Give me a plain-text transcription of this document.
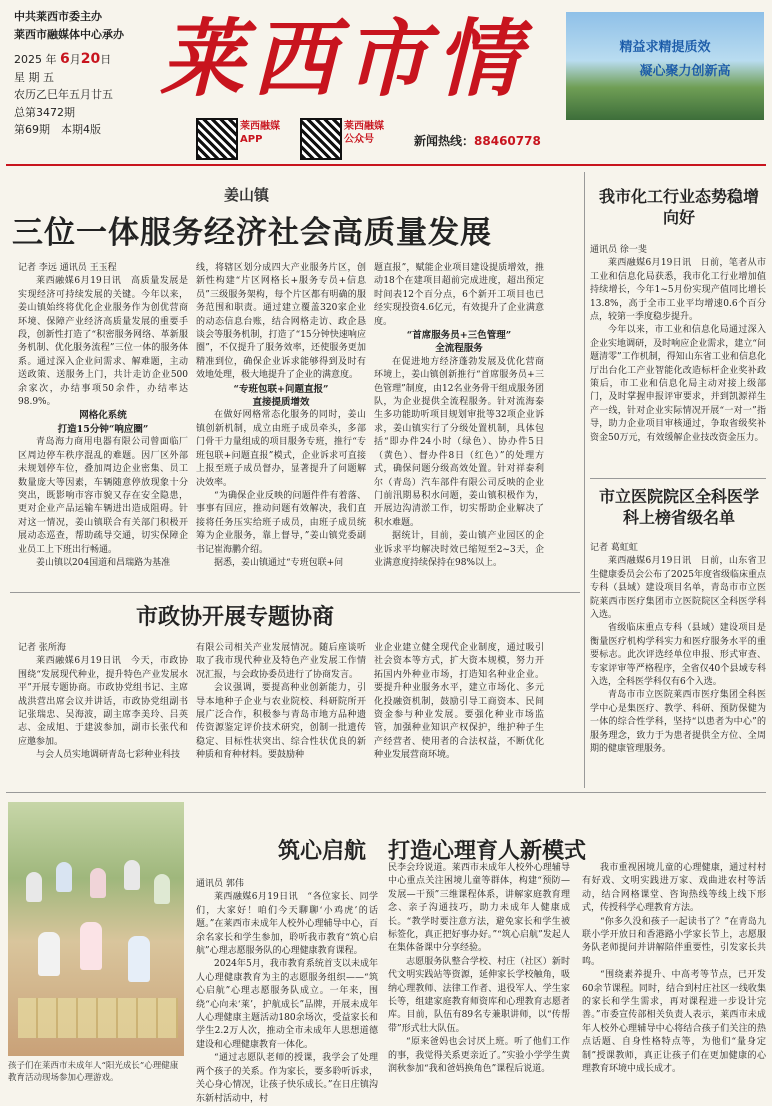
中共莱西市委主办
莱西市融媒体中心承办
2025 年 6月20日
星 期 五
农历乙巳年五月廿五
总第3472期
第69期　本期4版
莱西市情
莱西融媒 APP
莱西融媒 公众号	新闻热线：88460778
精益求精提质效
凝心聚力创新高
姜山镇
三位一体服务经济社会高质量发展

记者 李远 通讯员 王玉程

莱西融媒6月19日讯　高质量发展是实现经济可持续发展的关键。今年以来，姜山镇始终将优化企业服务作为创优营商环境、保障产业经济高质量发展的重要手段，创新性打造了“积密服务网络、革新服务机制、优化服务流程”三位一体的服务体系。通过深入企业问需求、解难题，主动送政策、送服务上门，共计走访企业500余家次，办结事项50余件，办结率达98.9%。

网格化系统

打造15分钟“响应圈”

青岛海力商用电器有限公司曾面临厂区周边停车秩序混乱的难题。因厂区外部未规划停车位，叠加周边企业密集、员工数量庞大等因素，车辆随意停放现象十分突出，既影响市容市貌又存在安全隐患，更对企业产品运输车辆进出造成阻碍。针对这一情况，姜山镇联合有关部门积极开展动态巡查，帮助疏导交通，切实保障企业员工上下班出行畅通。

姜山镇以204国道和昌瑞路为基准

线，将辖区划分成四大产业服务片区，创新性构建“片区网格长+服务专员+信息员”三级服务架构，每个片区都有明确的服务范围和职责。通过建立覆盖320家企业的动态信息台账，结合网格走访、政企恳谈会等服务机制，打造了“15分钟快速响应圈”，不仅提升了服务效率，还使服务更加精准到位，确保企业诉求能够得到及时有效地处理，极大地提升了企业的满意度。

“专班包联+问题直报”

直接提质增效

在做好网格常态化服务的同时，姜山镇创新机制，成立由班子成员牵头，多部门骨干力量组成的项目服务专班，推行“专班包联+问题直报”模式，企业诉求可直接上报至班子成员督办，显著提升了问题解决效率。

“为确保企业反映的问题件件有着落、事事有回应，推动问题有效解决，我们直接将任务压实给班子成员，由班子成员统筹为企业服务，靠上督导，”姜山镇党委副书记崔海鹏介绍。

据悉，姜山镇通过“专班包联+问

题直报”，赋能企业项目建设提质增效，推动18个在建项目超前完成进度，超出预定时间表12个百分点，6个新开工项目也已经实现投资4.6亿元，有效提升了企业满意度。

“首席服务员+三色管理”

全流程服务

在促进地方经济蓬勃发展及优化营商环境上，姜山镇创新推行“首席服务员+三色管理”制度，由12名业务骨干组成服务团队，为企业提供全流程服务。针对流海泰生多功能助听项目规划审批等32项企业诉求，姜山镇实行了分级处置机制，具体包括“即办件24小时（绿色）、协办件5日（黄色）、督办件8日（红色）”的处理方式，确保问题分级高效处置。针对祥泰利尔（青岛）汽车部件有限公司反映的企业门前汛期易积水问题，姜山镇积极作为，开展边沟清淤工作，切实帮助企业解决了积水难题。

据统计，目前，姜山镇产业园区的企业诉求平均解决时效已缩短至2~3天，企业满意度持续保持在98%以上。

我市化工行业态势稳增向好

通讯员 徐一斐

莱西融媒6月19日讯　日前，笔者从市工业和信息化局获悉，我市化工行业增加值持续增长，今年1~5月份实现产值同比增长13.8%，高于全市工业平均增速0.6个百分点，较第一季度稳步提升。

今年以来，市工业和信息化局通过深入企业实地调研，及时响应企业需求，建立“问题清零”工作机制，得知山东省工业和信息化厅出台化工产业智能化改造标杆企业奖补政策后，市工业和信息化局主动对接上级部门，及时掌握申报评审要求，并到凯源祥生产一线，针对企业实际情况开展“一对一”指导，助力企业项目审核通过，争取省级奖补资金50万元，有效缓解企业技改资金压力。

市立医院院区全科医学科上榜省级名单

记者 葛虹虹

莱西融媒6月19日讯　日前，山东省卫生健康委员会公布了2025年度省级临床重点专科（县域）建设项目名单，青岛市市立医院莱西市医疗集团市立医院院区全科医学科入选。

省级临床重点专科（县域）建设项目是衡量医疗机构学科实力和医疗服务水平的重要标志。此次评选经单位申报、形式审查、专家评审等严格程序，全省仅40个县域专科入选，全科医学科仅有6个入选。

青岛市市立医院莱西市医疗集团全科医学中心是集医疗、教学、科研、预防保健为一体的综合性学科，坚持“以患者为中心”的服务理念，致力于为患者提供全方位、全周期的健康管理服务。

市政协开展专题协商

记者 张所海

莱西融媒6月19日讯　今天，市政协围绕“发展现代种业，提升特色产业发展水平”开展专题协商。市政协党组书记、主席战洪营出席会议并讲话，市政协党组副书记张瑞忠、吴海波，副主席李美玲、吕英志、金成旭、于建波参加，副市长张代和应邀参加。

与会人员实地调研青岛七彩种业科技

有限公司相关产业发展情况。随后座谈听取了我市现代种业及特色产业发展工作情况汇报，与会政协委员进行了协商发言。

会议强调，要提高种业创新能力，引导本地种子企业与农业院校、科研院所开展广泛合作，积极参与青岛市地方品种遗传资源鉴定评价技术研究，创制一批遗传稳定、目标性状突出、综合性状优良的新种质和育种材料。要鼓励种

业企业建立健全现代企业制度，通过吸引社会资本等方式，扩大资本规模，努力开拓国内外种业市场，打造知名种业企业。要提升种业服务水平，建立市场化、多元化投融资机制，鼓励引导工商资本、民间资金参与种业发展。要强化种业市场监管，加强种业知识产权保护，维护种子生产经营者、使用者的合法权益，不断优化种业发展营商环境。

孩子们在莱西市未成年人“阳光成长”心理健康教育活动现场参加心理游戏。
筑心启航　打造心理育人新模式

通讯员 郭伟

莱西融媒6月19日讯　“各位家长、同学们，大家好！咱们今天聊聊‘小鸡虎’的话题。”在莱西市未成年人校外心理辅导中心，百余名家长和学生参加，聆听我市教育“筑心启航”心理志愿服务队的心理健康教育课程。

2024年5月，我市教育系统首支以未成年人心理健康教育为主的志愿服务组织——“筑心启航”心理志愿服务队成立。一年来，围绕“心向未‘莱’，护航成长”品牌，开展未成年人心理健康主题活动180余场次，受益家长和学生2.2万人次，推动全市未成年人思想道德建设和心理健康教育一体化。

“通过志愿队老师的授课，我学会了处理两个孩子的关系。作为家长，要多聆听诉求，关心身心情况，让孩子快乐成长。”在日庄镇沟东新村活动中，村

民李会玲说道。莱西市未成年人校外心理辅导中心重点关注困境儿童等群体，构建“预防—发展—干预”三维课程体系，讲解家庭教育理念、亲子沟通技巧，助力未成年人健康成长。“教学时要注意方法，避免家长和学生被标签化，真正把好事办好。”“筑心启航”发起人在集体备课中分享经验。

志愿服务队整合学校、村庄（社区）新时代文明实践站等资源，延伸家长学校触角，吸纳心理教师、法律工作者、退役军人、学生家长等，组建家庭教育师资库和心理教育志愿者库。目前，队伍有89名专兼职讲师，以“传帮带”形式壮大队伍。

“原来爸妈也会讨厌上班。听了他们工作的事，我觉得关系更亲近了。”实验小学学生黄润秋参加“我和爸妈换角色”课程后说道。

我市重视困境儿童的心理健康，通过村村有好戏、文明实践进万家、戏曲进农村等活动，结合网格课堂、咨询热线等线上线下形式，传授科学心理教育方法。

“你多久没和孩子一起读书了？”在青岛九联小学开放日和香港路小学家长节上，志愿服务队老师提问并讲解陪伴重要性，引发家长共鸣。

“围绕素养提升、中高考等节点，已开发60余节课程。同时，结合到村庄社区一线收集的家长和学生需求，再对课程进一步设计完善。”市委宣传部相关负责人表示，莱西市未成年人校外心理辅导中心将结合孩子们关注的热点话题、自身性格特点等，为他们“量身定制”授课教师，真正让孩子们在更加健康的心理教育环境中成长成才。
